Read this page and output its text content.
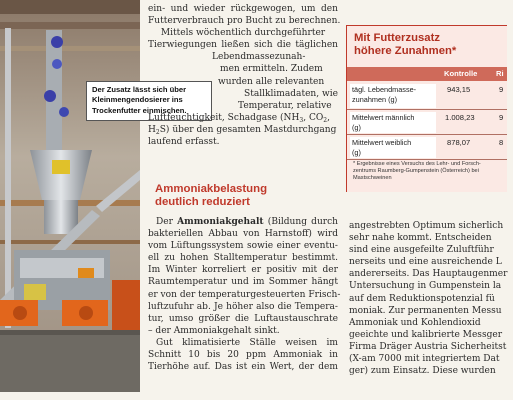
Der Zusatz lässt sich über
Kleinmengendosierer ins
Trockenfutter einmischen.

ein- und wieder rückgewogen, um den

Futterverbrauch pro Bucht zu berechnen.

Mittels wöchentlich durchgeführter

Tierwiegungen ließen sich die täglichen

Lebendmassezunah-

men ermitteln. Zudem

wurden alle relevanten

Stallklimadaten, wie

Temperatur, relative

Luftfeuchtigkeit, Schadgase ($NH_3$, $CO_2$,

$H_2S$) über den gesamten Mastdurchgang

laufend erfasst.

Ammoniakbelastung
deutlich reduziert

Der Ammoniakgehalt (Bildung durch

bakteriellen Abbau von Harnstoff) wird

vom Lüftungssystem sowie einer eventu-

ell zu hohen Stalltemperatur bestimmt.

Im Winter korreliert er positiv mit der

Raumtemperatur und im Sommer hängt

er von der temperaturgesteuerten Frisch-

luftzufuhr ab. Je höher also die Tempera-

tur, umso größer die Luftaustauschrate

– der Ammoniakgehalt sinkt.

Gut klimatisierte Ställe weisen im

Schnitt 10 bis 20 ppm Ammoniak in

Tierhöhe auf. Das ist ein Wert, der dem

Mit Futterzusatz
höhere Zunahmen*
Kontrolle Ri
tägl. Lebendmasse-
zunahmen (g)
943,15	9
Mittelwert männlich
(g)
1.008,23	9
Mittelwert weiblich
(g)
878,07	8
* Ergebnisse eines Versuchs des Lehr- und Forsch-
zentrums Raumberg-Gumpenstein (Österreich) bei
Mastschweinen

angestrebten Optimum sicherlich

sehr nahe kommt. Entscheiden

sind eine ausgefeilte Zuluftführ

nerseits und eine ausreichende L

andererseits. Das Hauptaugenmer

Untersuchung in Gumpenstein la

auf dem Reduktionspotenzial fü

moniak. Zur permanenten Messu

Ammoniak und Kohlendioxid

geeichte und kalibrierte Messger

Firma Dräger Austria Sicherheitst

(X-am 7000 mit integriertem Dat

ger) zum Einsatz. Diese wurden
